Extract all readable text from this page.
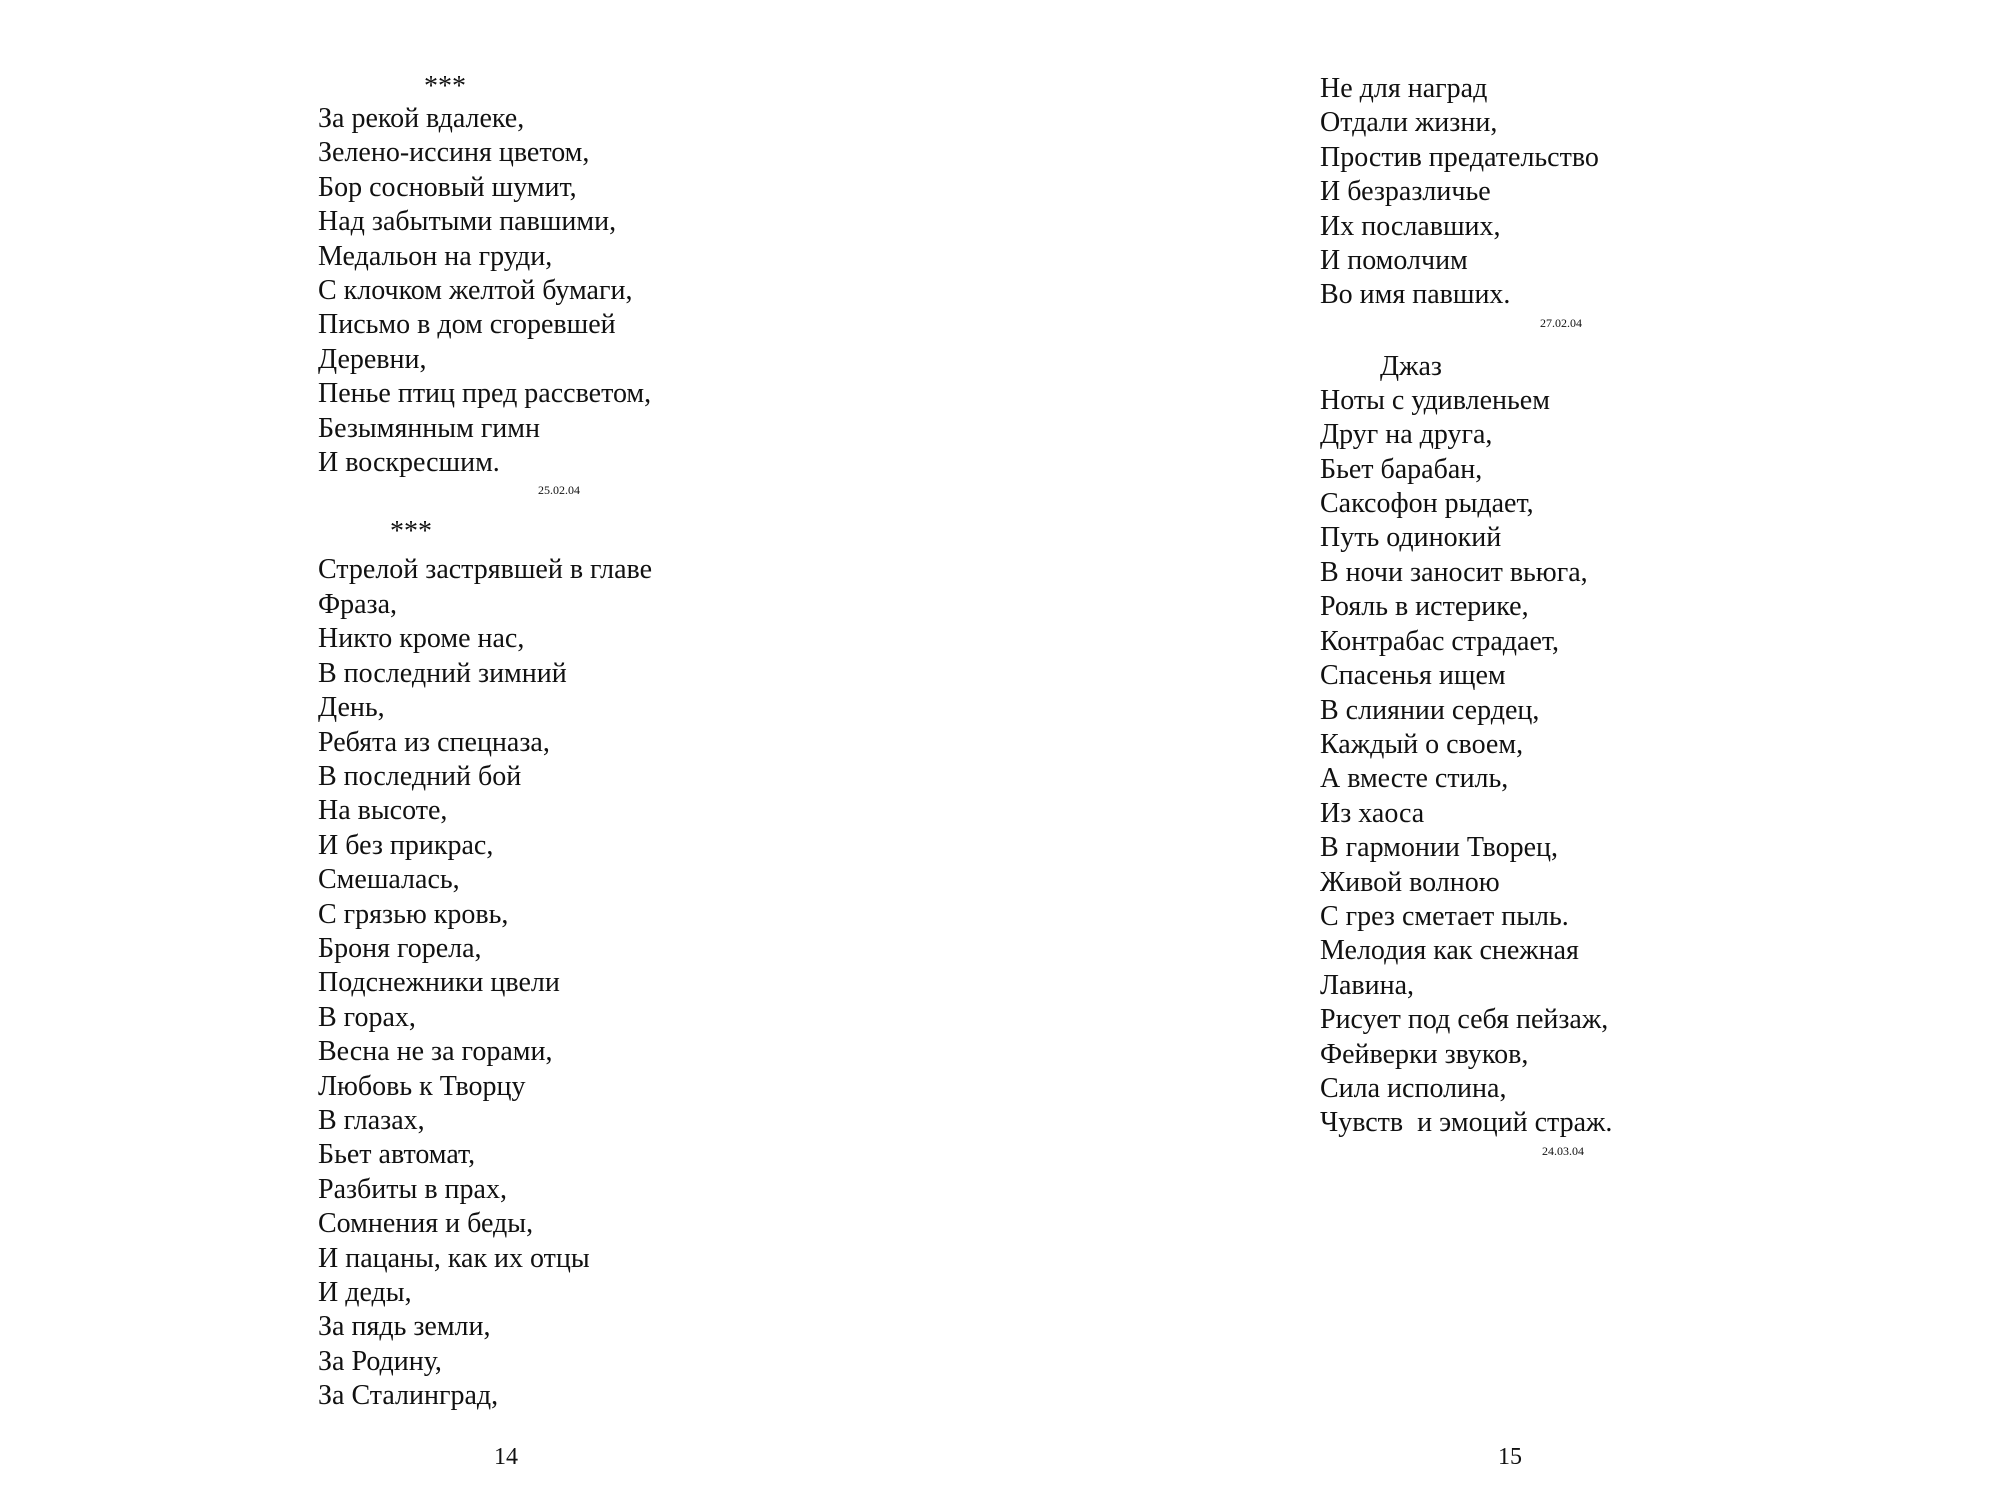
***
За рекой вдалеке,
Зелено-иссиня цветом,
Бор сосновый шумит,
Над забытыми павшими,
Медальон на груди,
С клочком желтой бумаги,
Письмо в дом сгоревшей
Деревни,
Пенье птиц пред рассветом,
Безымянным гимн
И воскресшим.
25.02.04
***
Стрелой застрявшей в главе
Фраза,
Никто кроме нас,
В последний зимний
День,
Ребята из спецназа,
В последний бой
На высоте,
И без прикрас,
Смешалась,
С грязью кровь,
Броня горела,
Подснежники цвели
В горах,
Весна не за горами,
Любовь к Творцу
В глазах,
Бьет автомат,
Разбиты в прах,
Сомнения и беды,
И пацаны, как их отцы
И деды,
За пядь земли,
За Родину,
За Сталинград,
14
Не для наград
Отдали жизни,
Простив предательство
И безразличье
Их пославших,
И помолчим
Во имя павших.
27.02.04
Джаз
Ноты с удивленьем
Друг на друга,
Бьет барабан,
Саксофон рыдает,
Путь одинокий
В ночи заносит вьюга,
Рояль в истерике,
Контрабас страдает,
Спасенья ищем
В слиянии сердец,
Каждый о своем,
А вместе стиль,
Из хаоса
В гармонии Творец,
Живой волною
С грез сметает пыль.
Мелодия как снежная
Лавина,
Рисует под себя пейзаж,
Фейверки звуков,
Сила исполина,
Чувств  и эмоций страж.
24.03.04
15
